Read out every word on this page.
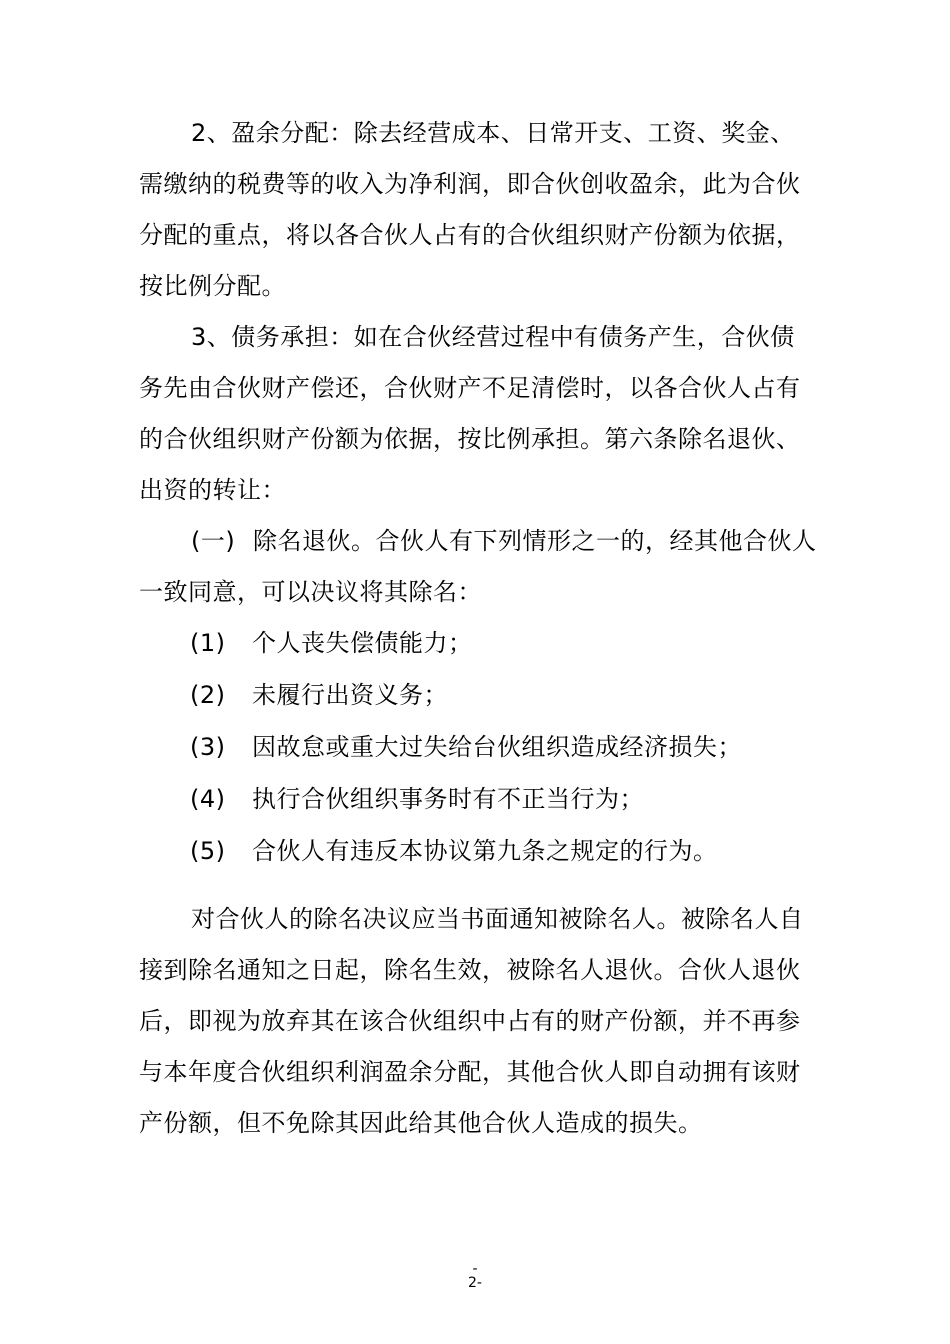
2、盈余分配：除去经营成本、日常开支、工资、奖金、需缴纳的税费等的收入为净利润，即合伙创收盈余，此为合伙分配的重点，将以各合伙人占有的合伙组织财产份额为依据，按比例分配。

3、债务承担：如在合伙经营过程中有债务产生，合伙债务先由合伙财产偿还，合伙财产不足清偿时，以各合伙人占有的合伙组织财产份额为依据，按比例承担。第六条除名退伙、出资的转让：

(一) 除名退伙。合伙人有下列情形之一的，经其他合伙人一致同意，可以决议将其除名：

(1) 个人丧失偿债能力；
(2) 未履行出资义务；
(3) 因故怠或重大过失给台伙组织造成经济损失；
(4) 执行合伙组织事务时有不正当行为；
(5) 合伙人有违反本协议第九条之规定的行为。

对合伙人的除名决议应当书面通知被除名人。被除名人自接到除名通知之日起，除名生效，被除名人退伙。合伙人退伙后，即视为放弃其在该合伙组织中占有的财产份额，并不再参与本年度合伙组织利润盈余分配，其他合伙人即自动拥有该财产份额，但不免除其因此给其他合伙人造成的损失。

-
2-
